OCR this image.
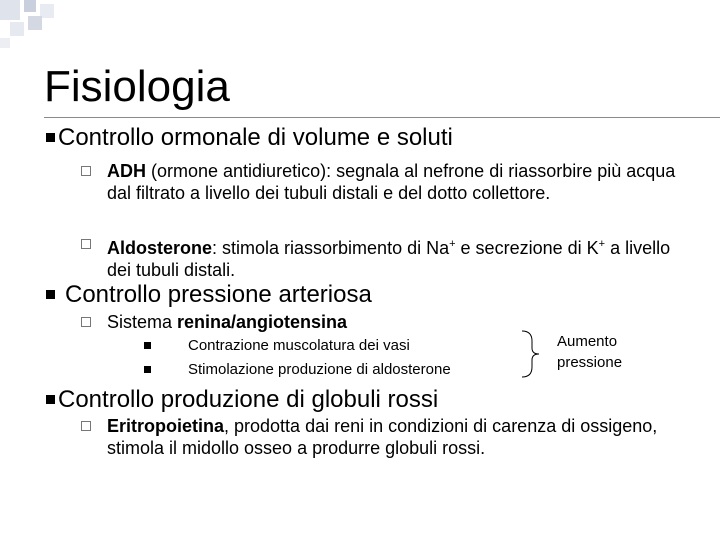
Fisiologia
Controllo ormonale di volume e soluti
ADH (ormone antidiuretico): segnala al nefrone di riassorbire più acqua dal filtrato a livello dei tubuli distali e del dotto collettore.
Aldosterone: stimola riassorbimento di Na+ e secrezione di K+ a livello dei tubuli distali.
Controllo pressione arteriosa
Sistema renina/angiotensina
Contrazione muscolatura dei vasi
Stimolazione produzione di aldosterone
Aumento pressione
Controllo produzione di globuli rossi
Eritropoietina, prodotta dai reni in condizioni di carenza di ossigeno, stimola il midollo osseo a produrre globuli rossi.
